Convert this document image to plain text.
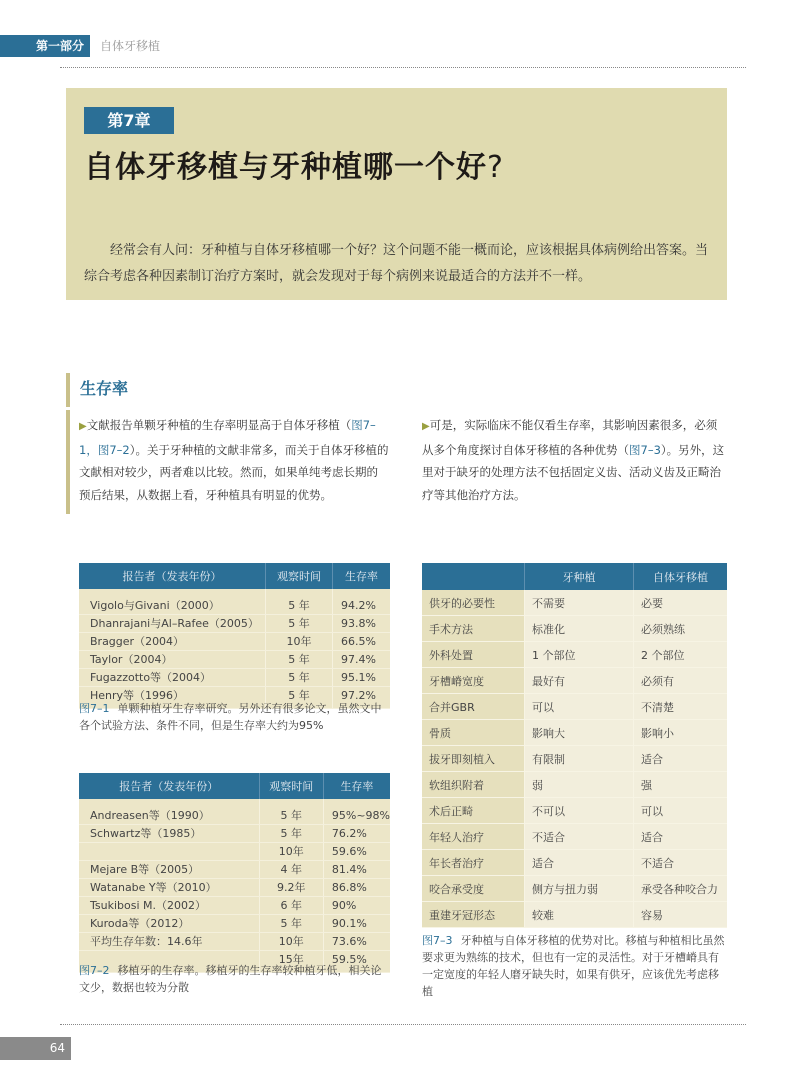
第一部分	自体牙移植
第7章
自体牙移植与牙种植哪一个好?
经常会有人问：牙种植与自体牙移植哪一个好？这个问题不能一概而论，应该根据具体病例给出答案。当综合考虑各种因素制订治疗方案时，就会发现对于每个病例来说最适合的方法并不一样。
生存率
▶文献报告单颗牙种植的生存率明显高于自体牙移植（图7–1，图7–2）。关于牙种植的文献非常多，而关于自体牙移植的文献相对较少，两者难以比较。然而，如果单纯考虑长期的预后结果，从数据上看，牙种植具有明显的优势。
▶可是，实际临床不能仅看生存率，其影响因素很多，必须从多个角度探讨自体牙移植的各种优势（图7–3）。另外，这里对于缺牙的处理方法不包括固定义齿、活动义齿及正畸治疗等其他治疗方法。
报告者（发表年份）	观察时间	生存率
Vigolo与Givani（2000）	5 年	94.2%
Dhanrajani与Al–Rafee（2005）	5 年	93.8%
Bragger（2004）	10年	66.5%
Taylor（2004）	5 年	97.4%
Fugazzotto等（2004）	5 年	95.1%
Henry等（1996）	5 年	97.2%
图7–1 单颗种植牙生存率研究。另外还有很多论文，虽然文中各个试验方法、条件不同，但是生存率大约为95%
报告者（发表年份）	观察时间	生存率
Andreasen等（1990）	5 年	95%~98%
Schwartz等（1985）	5 年	76.2%
	10年	59.6%
Mejare B等（2005）	4 年	81.4%
Watanabe Y等（2010）	9.2年	86.8%
Tsukibosi M.（2002）	6 年	90%
Kuroda等（2012）	5 年	90.1%
平均生存年数：14.6年	10年	73.6%
	15年	59.5%
图7–2 移植牙的生存率。移植牙的生存率较种植牙低，相关论文少，数据也较为分散
	牙种植	自体牙移植
供牙的必要性	不需要	必要
手术方法	标准化	必须熟练
外科处置	1 个部位	2 个部位
牙槽嵴宽度	最好有	必须有
合并GBR	可以	不清楚
骨质	影响大	影响小
拔牙即刻植入	有限制	适合
软组织附着	弱	强
术后正畸	不可以	可以
年轻人治疗	不适合	适合
年长者治疗	适合	不适合
咬合承受度	侧方与扭力弱	承受各种咬合力
重建牙冠形态	较难	容易
图7–3 牙种植与自体牙移植的优势对比。移植与种植相比虽然要求更为熟练的技术，但也有一定的灵活性。对于牙槽嵴具有一定宽度的年轻人磨牙缺失时，如果有供牙，应该优先考虑移植
64
